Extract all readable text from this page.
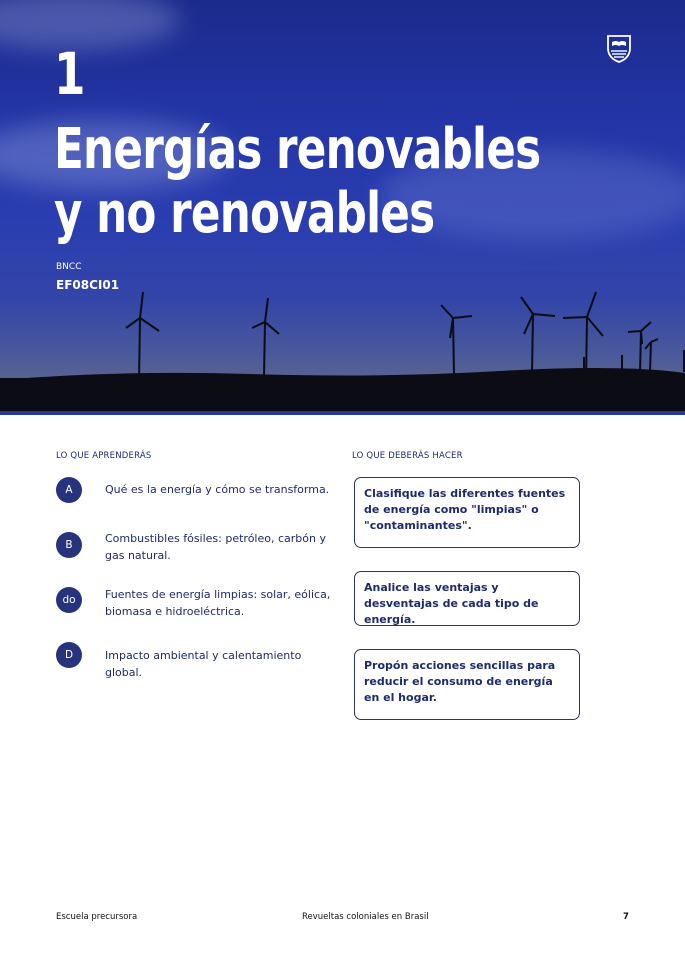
1
Energías renovables
y no renovables
BNCC
EF08CI01
LO QUE APRENDERÁS	LO QUE DEBERÁS HACER
A	Qué es la energía y cómo se transforma.
B	Combustibles fósiles: petróleo, carbón y gas natural.
do	Fuentes de energía limpias: solar, eólica, biomasa e hidroeléctrica.
D	Impacto ambiental y calentamiento global.
Clasifique las diferentes fuentes de energía como "limpias" o "contaminantes".
Analice las ventajas y desventajas de cada tipo de energía.
Propón acciones sencillas para reducir el consumo de energía en el hogar.
Escuela precursora	Revueltas coloniales en Brasil	7
